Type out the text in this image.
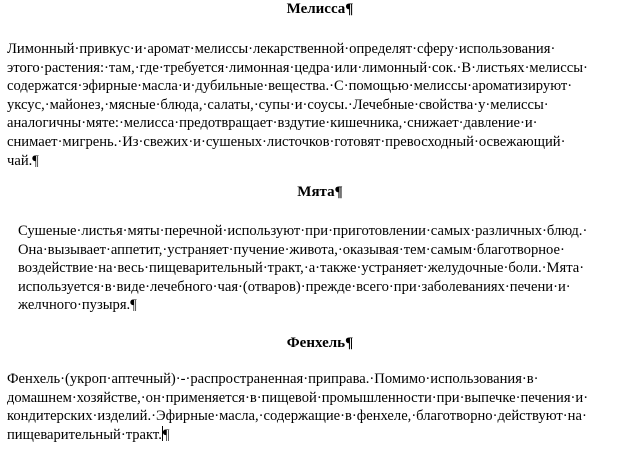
Мелисса¶
Лимонный·привкус·и·аромат·мелиссы·лекарственной·определят·сферу·использования·
этого·растения:·там,·где·требуется·лимонная·цедра·или·лимонный·сок.·В·листьях·мелиссы·
содержатся·эфирные·масла·и·дубильные·вещества.·С·помощью·мелиссы·ароматизируют·
уксус,·майонез,·мясные·блюда,·салаты,·супы·и·соусы.·Лечебные·свойства·у·мелиссы·
аналогичны·мяте:·мелисса·предотвращает·вздутие·кишечника,·снижает·давление·и·
снимает·мигрень.·Из·свежих·и·сушеных·листочков·готовят·превосходный·освежающий·
чай.¶
Мята¶
Сушеные·листья·мяты·перечной·используют·при·приготовлении·самых·различных·блюд.·
Она·вызывает·аппетит,·устраняет·пучение·живота,·оказывая·тем·самым·благотворное·
воздействие·на·весь·пищеварительный·тракт,·а·также·устраняет·желудочные·боли.·Мята·
используется·в·виде·лечебного·чая·(отваров)·прежде·всего·при·заболеваниях·печени·и·
желчного·пузыря.¶
Фенхель¶
Фенхель·(укроп·аптечный)·-·распространенная·приправа.·Помимо·использования·в·
домашнем·хозяйстве,·он·применяется·в·пищевой·промышленности·при·выпечке·печения·и·
кондитерских·изделий.·Эфирные·масла,·содержащие·в·фенхеле,·благотворно·действуют·на·
пищеварительный·тракт.¶
